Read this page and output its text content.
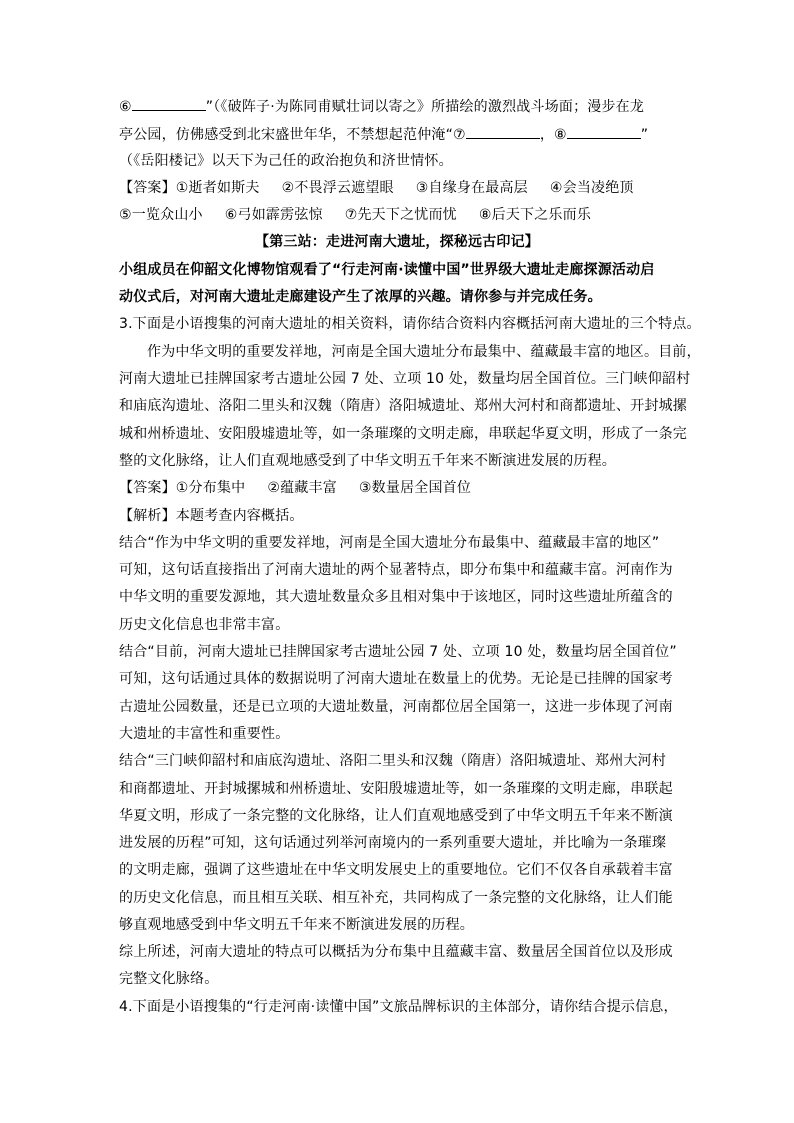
⑥	”（《破阵子·为陈同甫赋壮词以寄之》所描绘的激烈战斗场面；漫步在龙
亭公园，仿佛感受到北宋盛世年华，不禁想起范仲淹“⑦	，⑧	”
（《岳阳楼记》以天下为己任的政治抱负和济世情怀。
【答案】①逝者如斯夫 ②不畏浮云遮望眼 ③自缘身在最高层 ④会当凌绝顶
⑤一览众山小 ⑥弓如霹雳弦惊 ⑦先天下之忧而忧 ⑧后天下之乐而乐
【第三站：走进河南大遗址，探秘远古印记】
小组成员在仰韶文化博物馆观看了“行走河南·读懂中国”世界级大遗址走廊探源活动启
动仪式后，对河南大遗址走廊建设产生了浓厚的兴趣。请你参与并完成任务。
3.下面是小语搜集的河南大遗址的相关资料，请你结合资料内容概括河南大遗址的三个特点。
作为中华文明的重要发祥地，河南是全国大遗址分布最集中、蕴藏最丰富的地区。目前，
河南大遗址已挂牌国家考古遗址公园 7 处、立项 10 处，数量均居全国首位。三门峡仰韶村
和庙底沟遗址、洛阳二里头和汉魏（隋唐）洛阳城遗址、郑州大河村和商都遗址、开封城摞
城和州桥遗址、安阳殷墟遗址等，如一条璀璨的文明走廊，串联起华夏文明，形成了一条完
整的文化脉络，让人们直观地感受到了中华文明五千年来不断演进发展的历程。
【答案】①分布集中 ②蕴藏丰富 ③数量居全国首位
【解析】本题考查内容概括。
结合“作为中华文明的重要发祥地，河南是全国大遗址分布最集中、蕴藏最丰富的地区”
可知，这句话直接指出了河南大遗址的两个显著特点，即分布集中和蕴藏丰富。河南作为
中华文明的重要发源地，其大遗址数量众多且相对集中于该地区，同时这些遗址所蕴含的
历史文化信息也非常丰富。
结合“目前，河南大遗址已挂牌国家考古遗址公园 7 处、立项 10 处，数量均居全国首位”
可知，这句话通过具体的数据说明了河南大遗址在数量上的优势。无论是已挂牌的国家考
古遗址公园数量，还是已立项的大遗址数量，河南都位居全国第一，这进一步体现了河南
大遗址的丰富性和重要性。
结合“三门峡仰韶村和庙底沟遗址、洛阳二里头和汉魏（隋唐）洛阳城遗址、郑州大河村
和商都遗址、开封城摞城和州桥遗址、安阳殷墟遗址等，如一条璀璨的文明走廊，串联起
华夏文明，形成了一条完整的文化脉络，让人们直观地感受到了中华文明五千年来不断演
进发展的历程”可知，这句话通过列举河南境内的一系列重要大遗址，并比喻为一条璀璨
的文明走廊，强调了这些遗址在中华文明发展史上的重要地位。它们不仅各自承载着丰富
的历史文化信息，而且相互关联、相互补充，共同构成了一条完整的文化脉络，让人们能
够直观地感受到中华文明五千年来不断演进发展的历程。
综上所述，河南大遗址的特点可以概括为分布集中且蕴藏丰富、数量居全国首位以及形成
完整文化脉络。
4.下面是小语搜集的“行走河南·读懂中国”文旅品牌标识的主体部分，请你结合提示信息，
